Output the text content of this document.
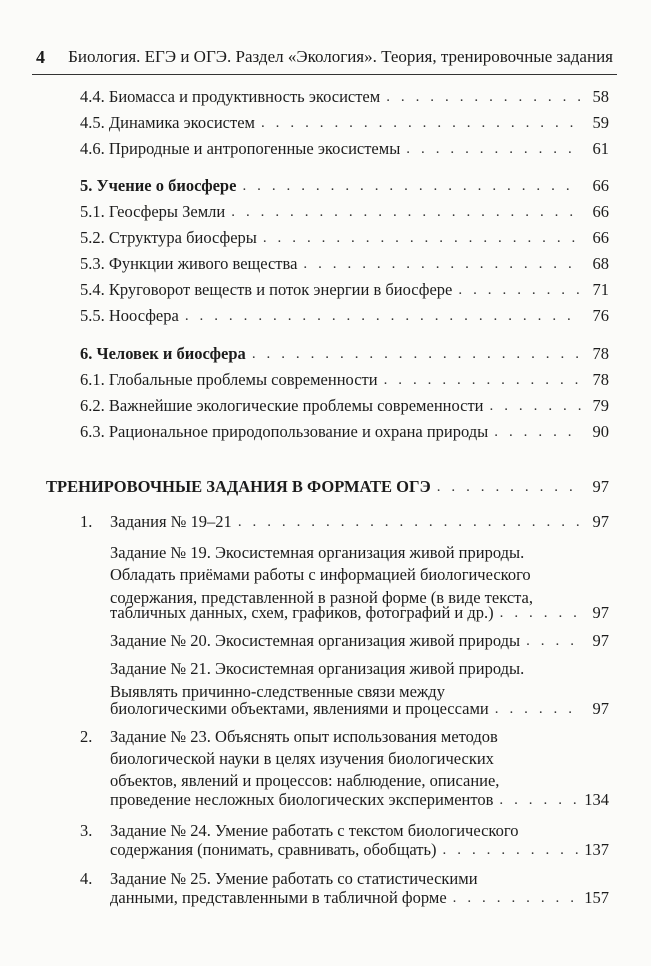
4 Биология. ЕГЭ и ОГЭ. Раздел «Экология». Теория, тренировочные задания
4.4. Биомасса и продуктивность экосистем . . .	58
4.5. Динамика экосистем . . .	59
4.6. Природные и антропогенные экосистемы . . .	61
5. Учение о биосфере . . .	66
5.1. Геосферы Земли . . .	66
5.2. Структура биосферы . . .	66
5.3. Функции живого вещества . . .	68
5.4. Круговорот веществ и поток энергии в биосфере . . .	71
5.5. Ноосфера . . .	76
6. Человек и биосфера . . .	78
6.1. Глобальные проблемы современности . . .	78
6.2. Важнейшие экологические проблемы современности . . .	79
6.3. Рациональное природопользование и охрана природы . . .	90
ТРЕНИРОВОЧНЫЕ ЗАДАНИЯ В ФОРМАТЕ ОГЭ . . .	97
1. Задания № 19–21 . . .	97
Задание № 19. Экосистемная организация живой природы.
Обладать приёмами работы с информацией биологического
содержания, представленной в разной форме (в виде текста,
табличных данных, схем, графиков, фотографий и др.) . . .	97
Задание № 20. Экосистемная организация живой природы . . .	97
Задание № 21. Экосистемная организация живой природы.
Выявлять причинно-следственные связи между
биологическими объектами, явлениями и процессами . . .	97
2. Задание № 23. Объяснять опыт использования методов
биологической науки в целях изучения биологических
объектов, явлений и процессов: наблюдение, описание,
проведение несложных биологических экспериментов . . .	134
3. Задание № 24. Умение работать с текстом биологического
содержания (понимать, сравнивать, обобщать) . . .	137
4. Задание № 25. Умение работать со статистическими
данными, представленными в табличной форме . . .	157
